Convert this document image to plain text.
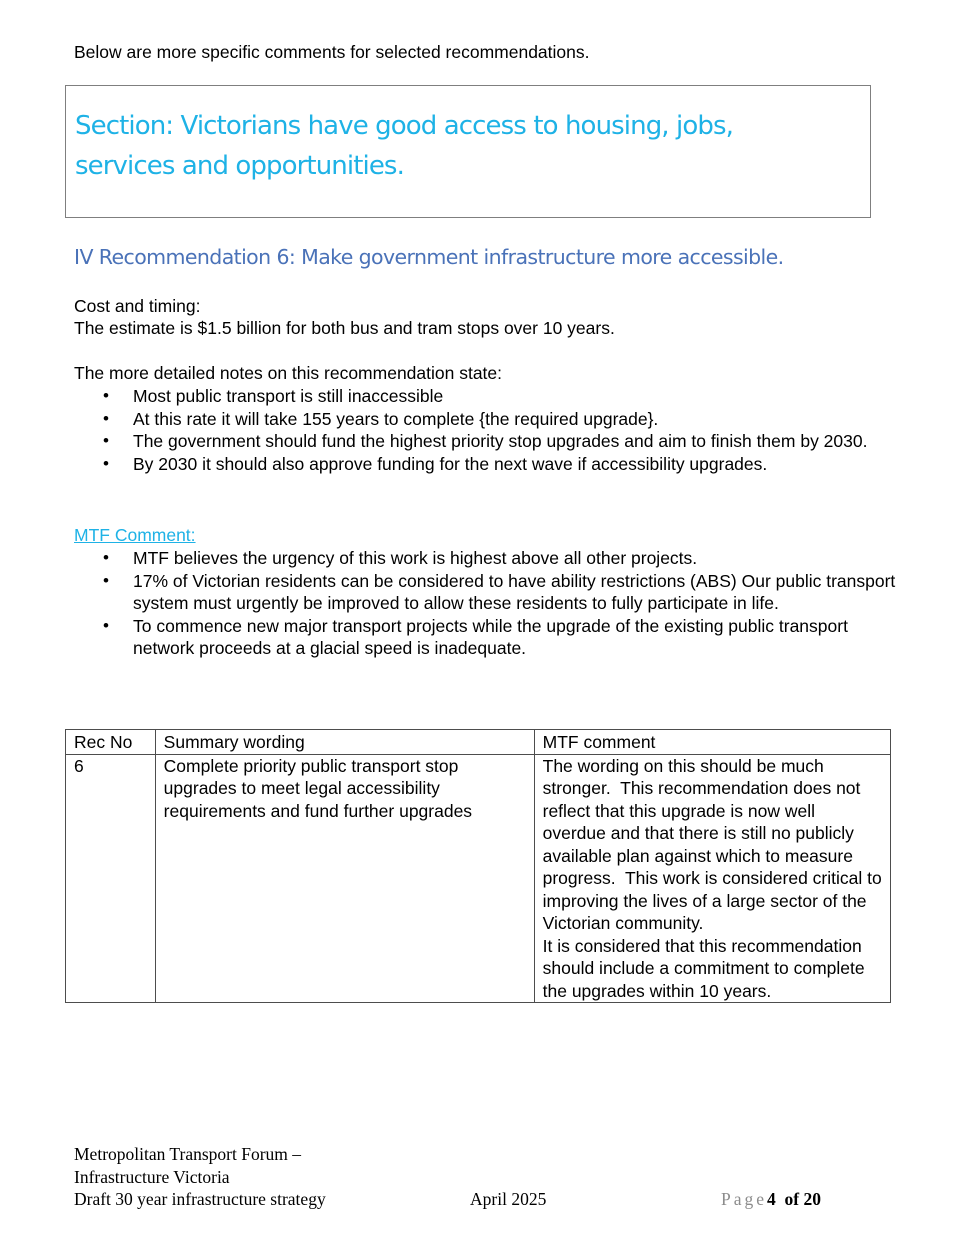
Below are more specific comments for selected recommendations.

Section: Victorians have good access to housing, jobs, services and opportunities.
IV Recommendation 6: Make government infrastructure more accessible.

Cost and timing:

The estimate is $1.5 billion for both bus and tram stops over 10 years.

The more detailed notes on this recommendation state:

• Most public transport is still inaccessible
• At this rate it will take 155 years to complete {the required upgrade}.
• The government should fund the highest priority stop upgrades and aim to finish them by 2030.
• By 2030 it should also approve funding for the next wave if accessibility upgrades.

MTF Comment:

• MTF believes the urgency of this work is highest above all other projects.
• 17% of Victorian residents can be considered to have ability restrictions (ABS) Our public transport system must urgently be improved to allow these residents to fully participate in life.
• To commence new major transport projects while the upgrade of the existing public transport network proceeds at a glacial speed is inadequate.
Rec No	Summary wording	MTF comment
6	Complete priority public transport stop upgrades to meet legal accessibility requirements and fund further upgrades	The wording on this should be much stronger.  This recommendation does not reflect that this upgrade is now well overdue and that there is still no publicly available plan against which to measure progress.  This work is considered critical to improving the lives of a large sector of the Victorian community.
It is considered that this recommendation should include a commitment to complete the upgrades within 10 years.

Metropolitan Transport Forum –
Infrastructure Victoria

Draft 30 year infrastructure strategy	April 2025	Page4 of 20
